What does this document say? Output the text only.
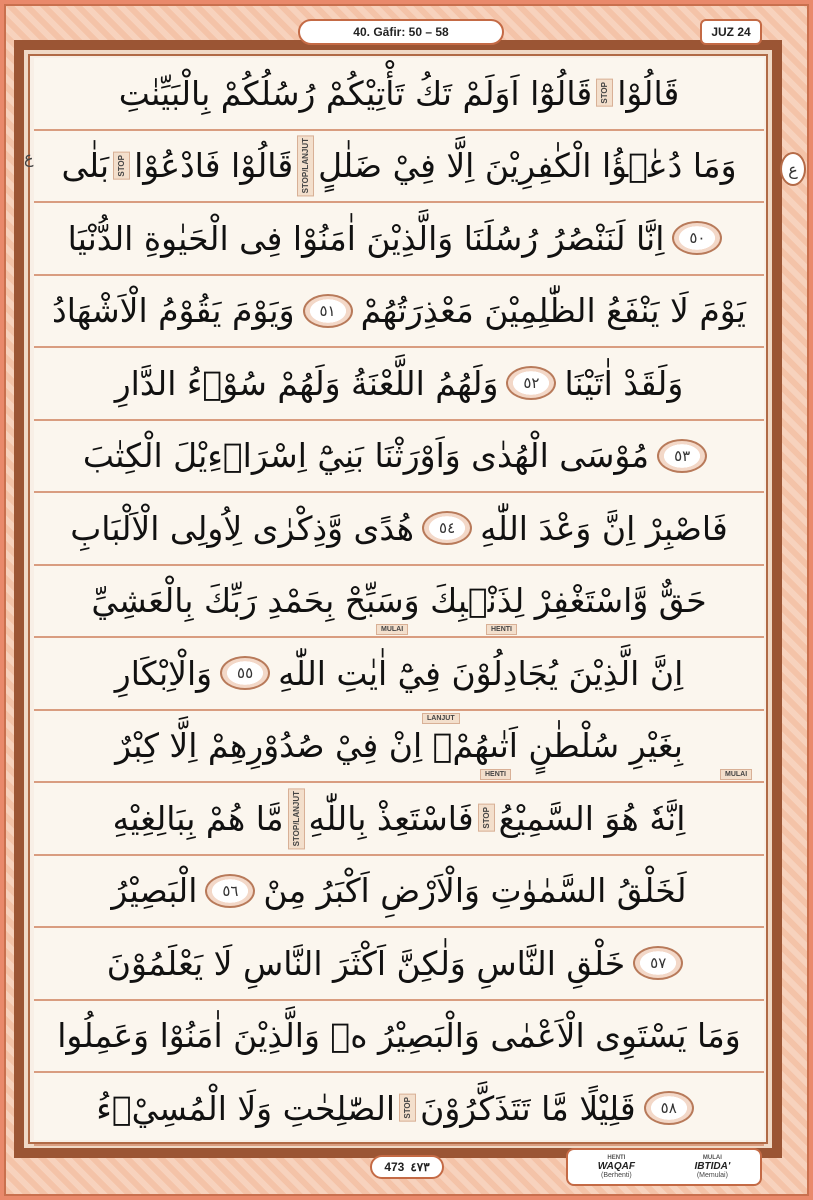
40. Gāfir: 50 – 58	JUZ 24
ع
ع
قَالُوْا
STOP
قَالُوْٓا اَوَلَمْ تَكُ تَأْتِيْكُمْ رُسُلُكُمْ بِالْبَيِّنٰتِ
وَمَا دُعٰۤؤُا الْكٰفِرِيْنَ اِلَّا فِيْ ضَلٰلٍ
STOP/LANJUT
قَالُوْا فَادْعُوْا
STOP
بَلٰى
٥٠
اِنَّا لَنَنْصُرُ رُسُلَنَا وَالَّذِيْنَ اٰمَنُوْا فِى الْحَيٰوةِ الدُّنْيَا
يَوْمَ لَا يَنْفَعُ الظّٰلِمِيْنَ مَعْذِرَتُهُمْ
٥١
وَيَوْمَ يَقُوْمُ الْاَشْهَادُ
وَلَقَدْ اٰتَيْنَا
٥٢
وَلَهُمُ اللَّعْنَةُ وَلَهُمْ سُوْۤءُ الدَّارِ
٥٣
مُوْسَى الْهُدٰى وَاَوْرَثْنَا بَنِيْٓ اِسْرَاۤءِيْلَ الْكِتٰبَ
فَاصْبِرْ اِنَّ وَعْدَ اللّٰهِ
٥٤
هُدًى وَّذِكْرٰى لِاُولِى الْاَلْبَابِ
حَقٌّ وَّاسْتَغْفِرْ لِذَنْۢبِكَ وَسَبِّحْ بِحَمْدِ رَبِّكَ بِالْعَشِيِّ
HENTI
MULAI
اِنَّ الَّذِيْنَ يُجَادِلُوْنَ فِيْٓ اٰيٰتِ اللّٰهِ
٥٥
وَالْاِبْكَارِ
بِغَيْرِ سُلْطٰنٍ اَتٰىهُمْۙ اِنْ فِيْ صُدُوْرِهِمْ اِلَّا كِبْرٌ
LANJUT
HENTI	MULAI
اِنَّهٗ هُوَ السَّمِيْعُ
STOP
فَاسْتَعِذْ بِاللّٰهِ
STOP/LANJUT
مَّا هُمْ بِبَالِغِيْهِ
لَخَلْقُ السَّمٰوٰتِ وَالْاَرْضِ اَكْبَرُ مِنْ
٥٦
الْبَصِيْرُ
٥٧
خَلْقِ النَّاسِ وَلٰكِنَّ اَكْثَرَ النَّاسِ لَا يَعْلَمُوْنَ
وَمَا يَسْتَوِى الْاَعْمٰى وَالْبَصِيْرُ ەۙ وَالَّذِيْنَ اٰمَنُوْا وَعَمِلُوا
٥٨
قَلِيْلًا مَّا تَتَذَكَّرُوْنَ
STOP
الصّٰلِحٰتِ وَلَا الْمُسِيْۤءُ
473 ٤٧٣
HENTI
WAQAF
(Berhenti)
MULAI
IBTIDA'
(Memulai)
